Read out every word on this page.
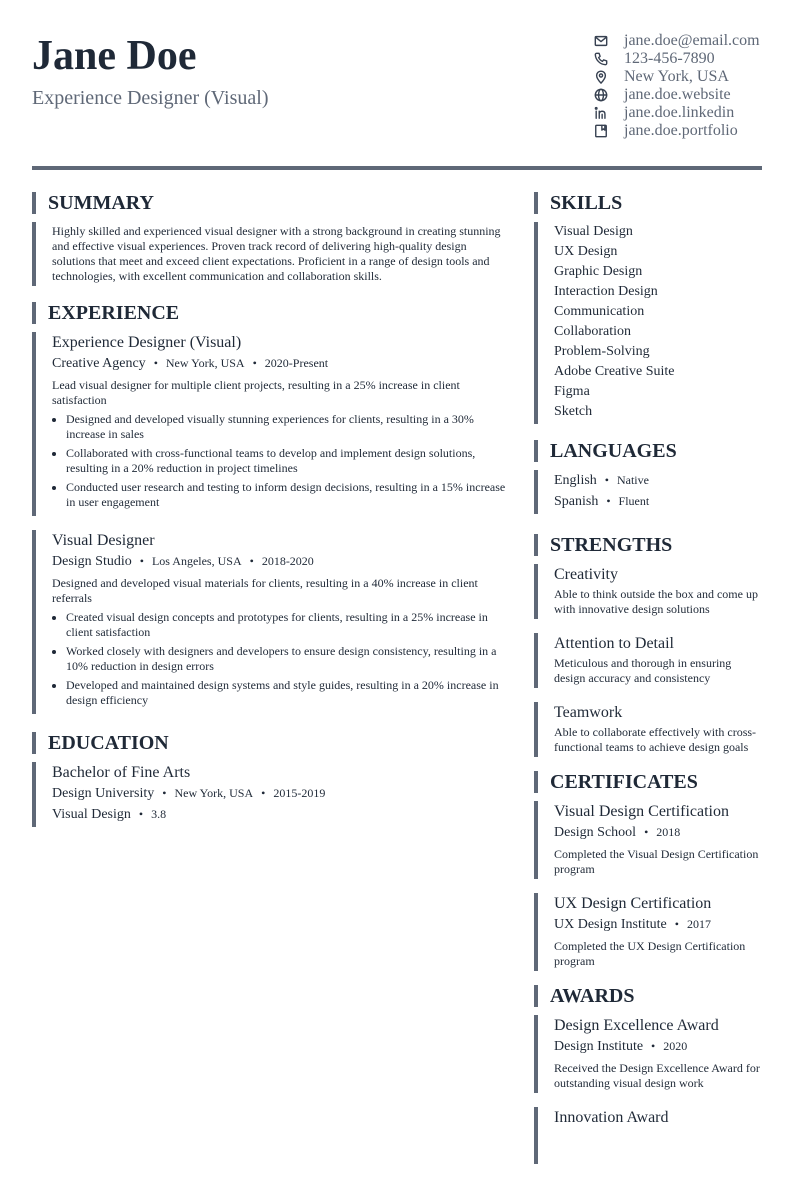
Jane Doe
Experience Designer (Visual)
jane.doe@email.com
123-456-7890
New York, USA
jane.doe.website
jane.doe.linkedin
jane.doe.portfolio
SUMMARY
Highly skilled and experienced visual designer with a strong background in creating stunning and effective visual experiences. Proven track record of delivering high-quality design solutions that meet and exceed client expectations. Proficient in a range of design tools and technologies, with excellent communication and collaboration skills.
EXPERIENCE
Experience Designer (Visual)
Creative Agency • New York, USA • 2020-Present
Lead visual designer for multiple client projects, resulting in a 25% increase in client satisfaction
• Designed and developed visually stunning experiences for clients, resulting in a 30% increase in sales
• Collaborated with cross-functional teams to develop and implement design solutions, resulting in a 20% reduction in project timelines
• Conducted user research and testing to inform design decisions, resulting in a 15% increase in user engagement
Visual Designer
Design Studio • Los Angeles, USA • 2018-2020
Designed and developed visual materials for clients, resulting in a 40% increase in client referrals
• Created visual design concepts and prototypes for clients, resulting in a 25% increase in client satisfaction
• Worked closely with designers and developers to ensure design consistency, resulting in a 10% reduction in design errors
• Developed and maintained design systems and style guides, resulting in a 20% increase in design efficiency
EDUCATION
Bachelor of Fine Arts
Design University • New York, USA • 2015-2019
Visual Design • 3.8
SKILLS
Visual Design
UX Design
Graphic Design
Interaction Design
Communication
Collaboration
Problem-Solving
Adobe Creative Suite
Figma
Sketch
LANGUAGES
English • Native
Spanish • Fluent
STRENGTHS
Creativity
Able to think outside the box and come up with innovative design solutions
Attention to Detail
Meticulous and thorough in ensuring design accuracy and consistency
Teamwork
Able to collaborate effectively with cross-functional teams to achieve design goals
CERTIFICATES
Visual Design Certification
Design School • 2018
Completed the Visual Design Certification program
UX Design Certification
UX Design Institute • 2017
Completed the UX Design Certification program
AWARDS
Design Excellence Award
Design Institute • 2020
Received the Design Excellence Award for outstanding visual design work
Innovation Award
